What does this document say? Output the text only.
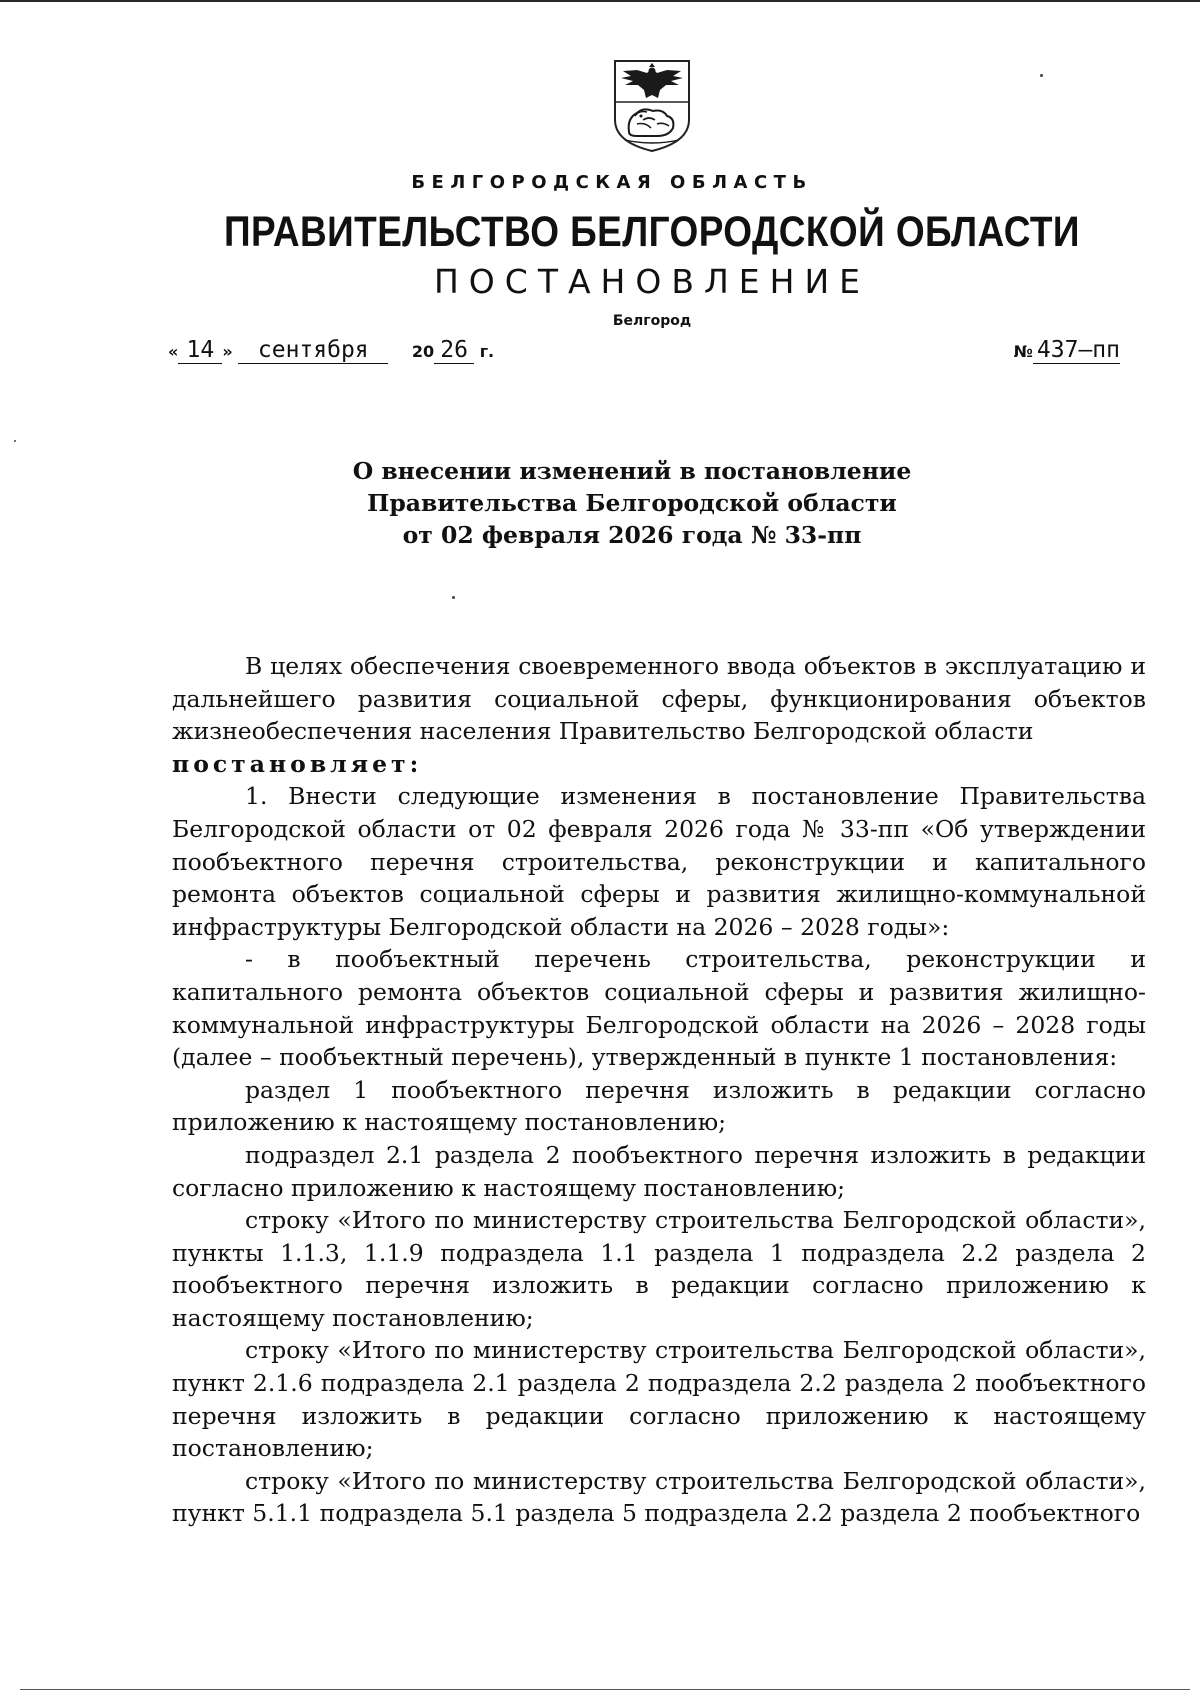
БЕЛГОРОДСКАЯ ОБЛАСТЬ
ПРАВИТЕЛЬСТВО БЕЛГОРОДСКОЙ ОБЛАСТИ
ПОСТАНОВЛЕНИЕ
Белгород
« 14 » сентября	20 26 г.	№ 437–пп
О внесении изменений в постановление
Правительства Белгородской области
от 02 февраля 2026 года № 33-пп

В целях обеспечения своевременного ввода объектов в эксплуатацию и дальнейшего развития социальной сферы, функционирования объектов жизнеобеспечения населения Правительство Белгородской области
постановляет:

1. Внести следующие изменения в постановление Правительства Белгородской области от 02 февраля 2026 года № 33-пп «Об утверждении пообъектного перечня строительства, реконструкции и капитального ремонта объектов социальной сферы и развития жилищно-коммунальной инфраструктуры Белгородской области на 2026 – 2028 годы»:

- в пообъектный перечень строительства, реконструкции и капитального ремонта объектов социальной сферы и развития жилищно-коммунальной инфраструктуры Белгородской области на 2026 – 2028 годы (далее – пообъектный перечень), утвержденный в пункте 1 постановления:

раздел 1 пообъектного перечня изложить в редакции согласно приложению к настоящему постановлению;

подраздел 2.1 раздела 2 пообъектного перечня изложить в редакции согласно приложению к настоящему постановлению;

строку «Итого по министерству строительства Белгородской области», пункты 1.1.3, 1.1.9 подраздела 1.1 раздела 1 подраздела 2.2 раздела 2 пообъектного перечня изложить в редакции согласно приложению к настоящему постановлению;

строку «Итого по министерству строительства Белгородской области», пункт 2.1.6 подраздела 2.1 раздела 2 подраздела 2.2 раздела 2 пообъектного перечня изложить в редакции согласно приложению к настоящему постановлению;

строку «Итого по министерству строительства Белгородской области», пункт 5.1.1 подраздела 5.1 раздела 5 подраздела 2.2 раздела 2 пообъектного
